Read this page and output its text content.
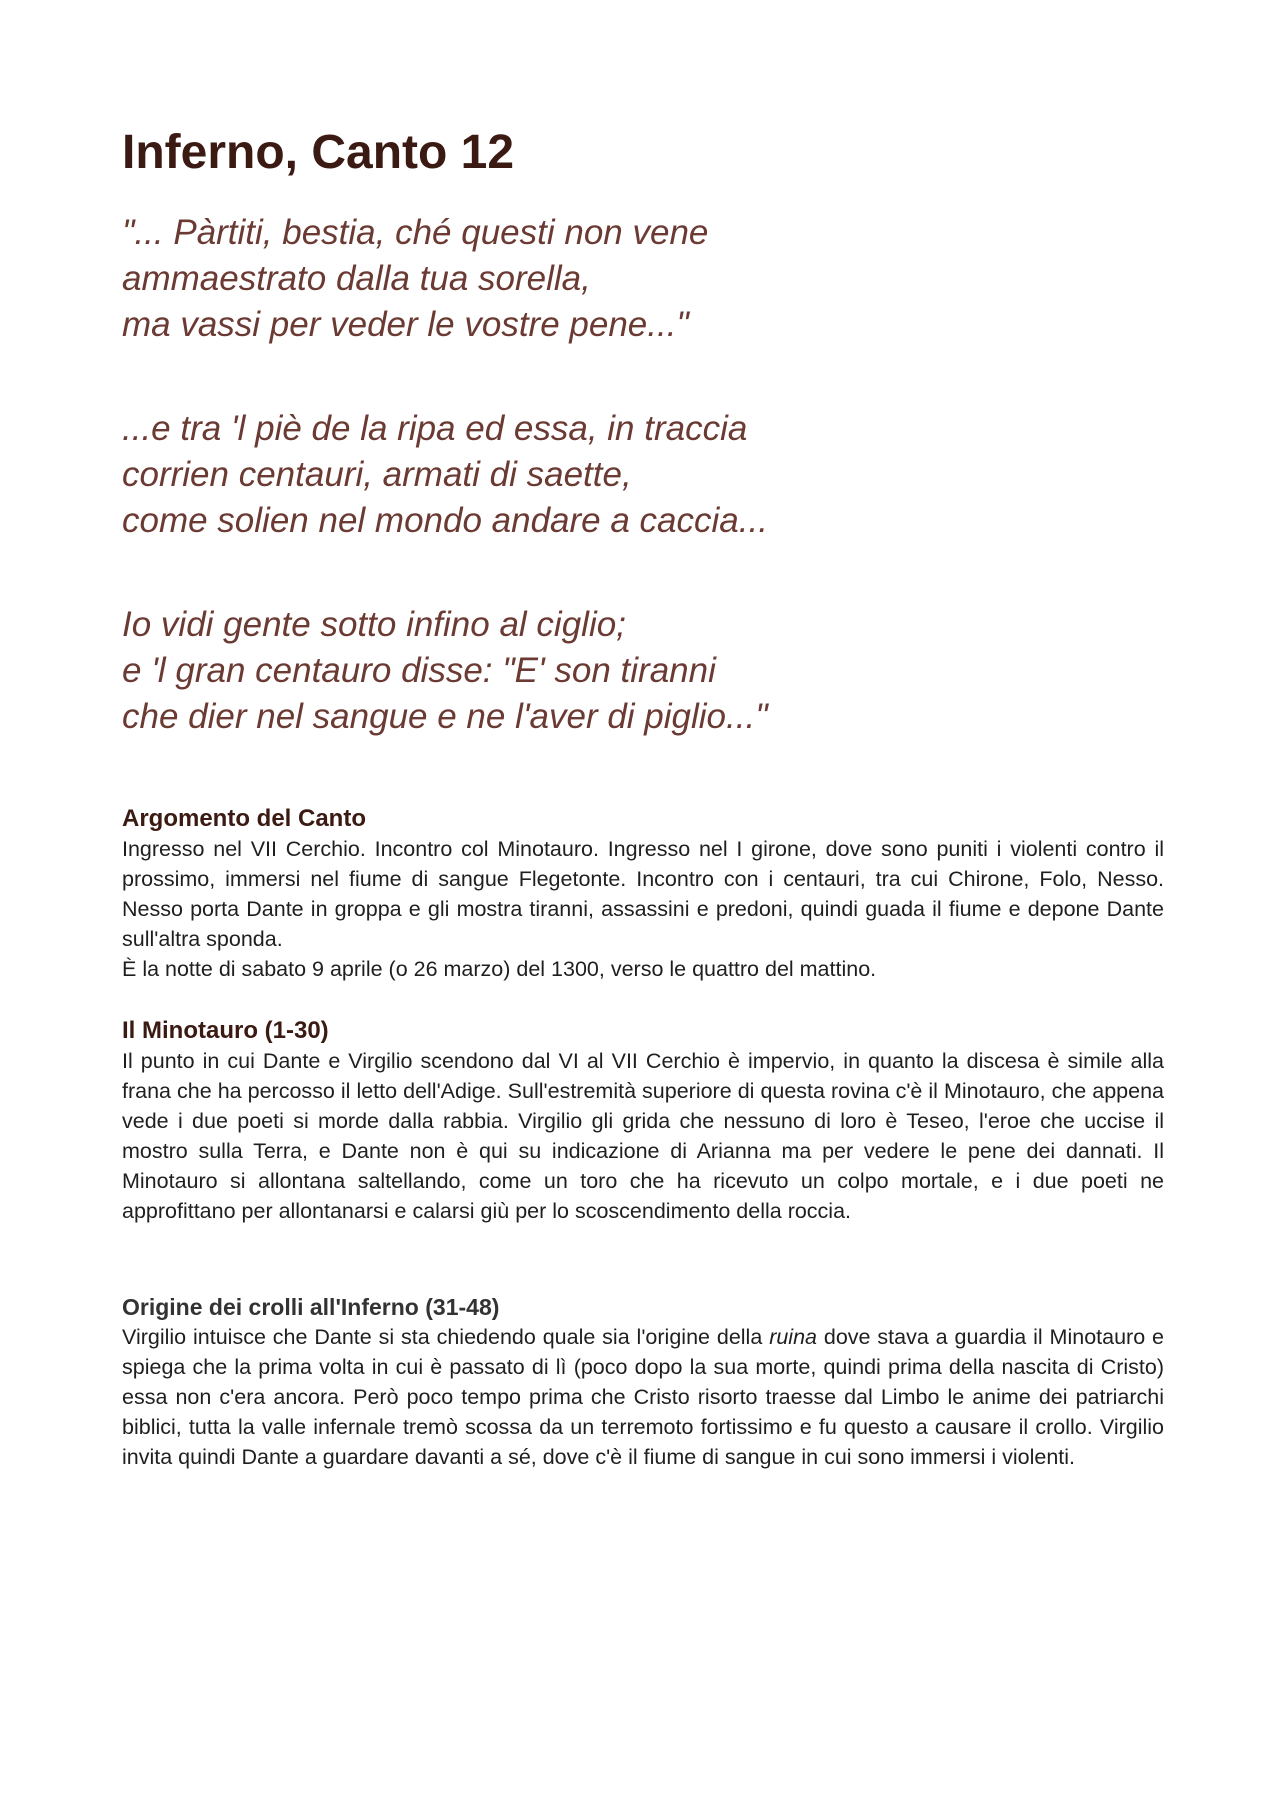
Inferno, Canto 12
"... Pàrtiti, bestia, ché questi non vene
ammaestrato dalla tua sorella,
ma vassi per veder le vostre pene..."
...e tra 'l piè de la ripa ed essa, in traccia
corrien centauri, armati di saette,
come solien nel mondo andare a caccia...
Io vidi gente sotto infino al ciglio;
e 'l gran centauro disse: "E' son tiranni
che dier nel sangue e ne l'aver di piglio..."
Argomento del Canto

Ingresso nel VII Cerchio. Incontro col Minotauro. Ingresso nel I girone, dove sono puniti i violenti contro il prossimo, immersi nel fiume di sangue Flegetonte. Incontro con i centauri, tra cui Chirone, Folo, Nesso. Nesso porta Dante in groppa e gli mostra tiranni, assassini e predoni, quindi guada il fiume e depone Dante sull'altra sponda.

È la notte di sabato 9 aprile (o 26 marzo) del 1300, verso le quattro del mattino.

Il Minotauro (1-30)

Il punto in cui Dante e Virgilio scendono dal VI al VII Cerchio è impervio, in quanto la discesa è simile alla frana che ha percosso il letto dell'Adige. Sull'estremità superiore di questa rovina c'è il Minotauro, che appena vede i due poeti si morde dalla rabbia. Virgilio gli grida che nessuno di loro è Teseo, l'eroe che uccise il mostro sulla Terra, e Dante non è qui su indicazione di Arianna ma per vedere le pene dei dannati. Il Minotauro si allontana saltellando, come un toro che ha ricevuto un colpo mortale, e i due poeti ne approfittano per allontanarsi e calarsi giù per lo scoscendimento della roccia.

Origine dei crolli all'Inferno (31-48)

Virgilio intuisce che Dante si sta chiedendo quale sia l'origine della ruina dove stava a guardia il Minotauro e spiega che la prima volta in cui è passato di lì (poco dopo la sua morte, quindi prima della nascita di Cristo) essa non c'era ancora. Però poco tempo prima che Cristo risorto traesse dal Limbo le anime dei patriarchi biblici, tutta la valle infernale tremò scossa da un terremoto fortissimo e fu questo a causare il crollo. Virgilio invita quindi Dante a guardare davanti a sé, dove c'è il fiume di sangue in cui sono immersi i violenti.
